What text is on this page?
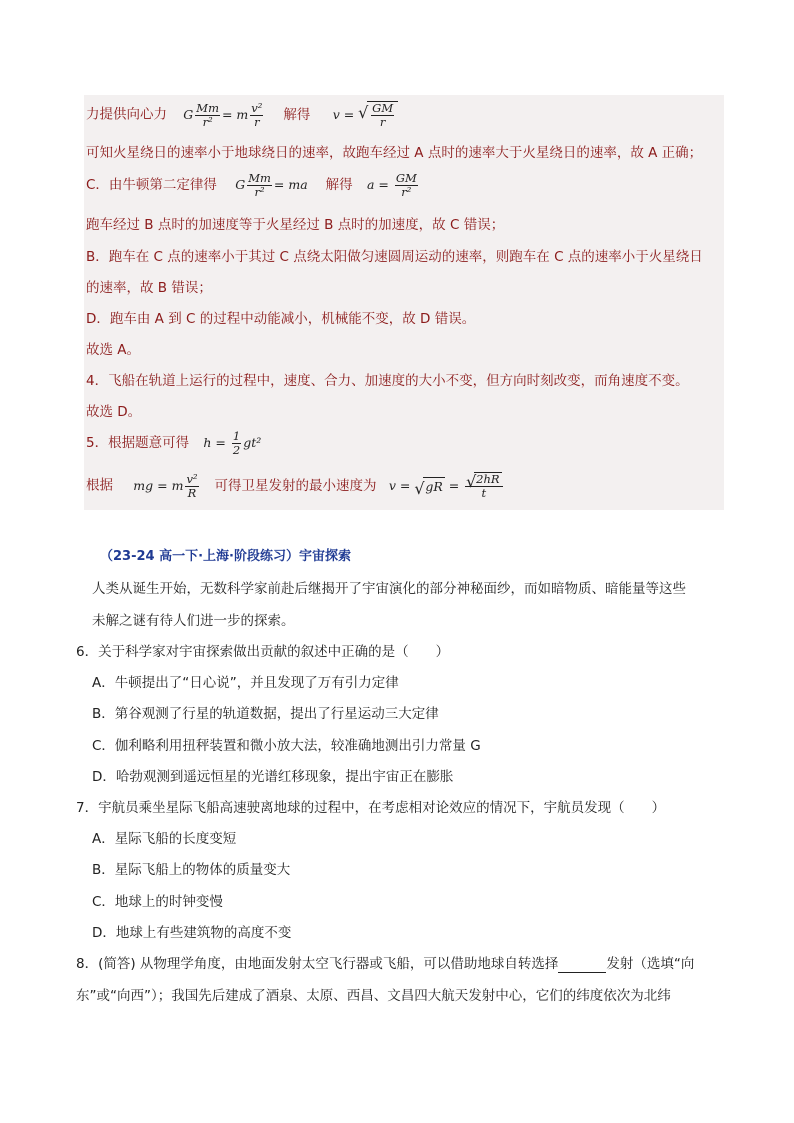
力提供向心力 G $\frac{Mm}{\text{r²}} = m \frac{\text{v²}}{r}$ 解得 v = √ $\frac{GM}{r}$
可知火星绕日的速率小于地球绕日的速率，故跑车经过 A 点时的速率大于火星绕日的速率，故 A 正确；
C．由牛顿第二定律得 G $\frac{Mm}{\text{r²}}$ = ma 解得 $a = \frac{GM}{\text{r²}}$
跑车经过 B 点时的加速度等于火星经过 B 点时的加速度，故 C 错误；
B．跑车在 C 点的速率小于其过 C 点绕太阳做匀速圆周运动的速率，则跑车在 C 点的速率小于火星绕日
的速率，故 B 错误；
D．跑车由 A 到 C 的过程中动能减小，机械能不变，故 D 错误。
故选 A。
4．飞船在轨道上运行的过程中，速度、合力、加速度的大小不变，但方向时刻改变，而角速度不变。
故选 D。
5．根据题意可得 $h = \frac{1}{2} gt^2$
根据 mg = m $\frac{\text{v²}}{R}$ 可得卫星发射的最小速度为 v = √ gR = √ $\frac{2hR}{t}$
（23-24 高一下·上海·阶段练习）宇宙探索
人类从诞生开始，无数科学家前赴后继揭开了宇宙演化的部分神秘面纱，而如暗物质、暗能量等这些
未解之谜有待人们进一步的探索。
6．关于科学家对宇宙探索做出贡献的叙述中正确的是（　　）
A．牛顿提出了“日心说”，并且发现了万有引力定律
B．第谷观测了行星的轨道数据，提出了行星运动三大定律
C．伽利略利用扭秤装置和微小放大法，较准确地测出引力常量 G
D．哈勃观测到遥远恒星的光谱红移现象，提出宇宙正在膨胀
7．宇航员乘坐星际飞船高速驶离地球的过程中，在考虑相对论效应的情况下，宇航员发现（　　）
A．星际飞船的长度变短
B．星际飞船上的物体的质量变大
C．地球上的时钟变慢
D．地球上有些建筑物的高度不变
8．(简答) 从物理学角度，由地面发射太空飞行器或飞船，可以借助地球自转选择	发射（选填“向
东”或“向西”）；我国先后建成了酒泉、太原、西昌、文昌四大航天发射中心，它们的纬度依次为北纬
